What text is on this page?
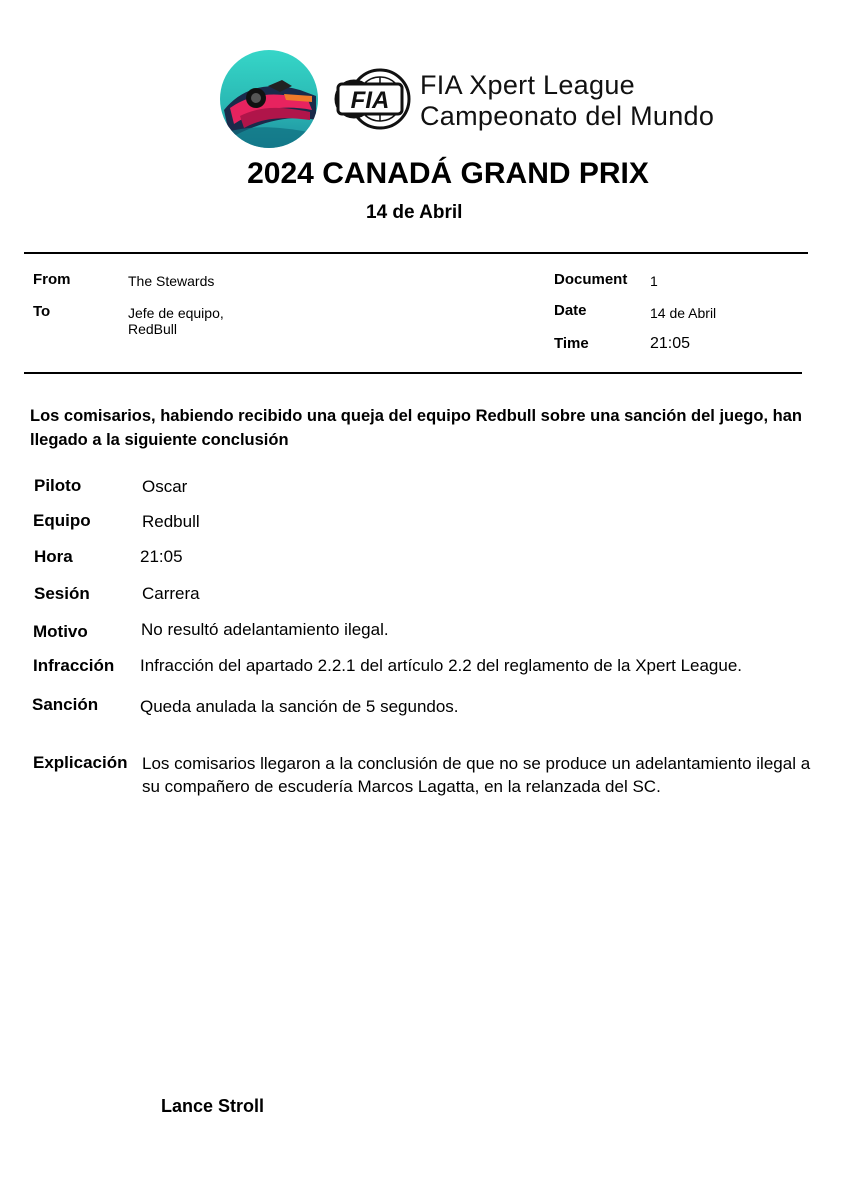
FIA
FIA Xpert League
Campeonato del Mundo
2024 CANADÁ GRAND PRIX
14 de Abril
From	The Stewards
To	Jefe de equipo,
RedBull
Document 1
Date	14 de Abril
Time	21:05
Los comisarios, habiendo recibido una queja del equipo Redbull sobre una sanción del juego, han llegado a la siguiente conclusión
Piloto	Oscar
Equipo	Redbull
Hora	21:05
Sesión	Carrera
Motivo	No resultó adelantamiento ilegal.
Infracción Infracción del apartado 2.2.1 del artículo 2.2 del reglamento de la Xpert League.
Sanción Queda anulada la sanción de 5 segundos.
Explicación Los comisarios llegaron a la conclusión de que no se produce un adelantamiento ilegal a su compañero de escudería Marcos Lagatta, en la relanzada del SC.
Lance Stroll
